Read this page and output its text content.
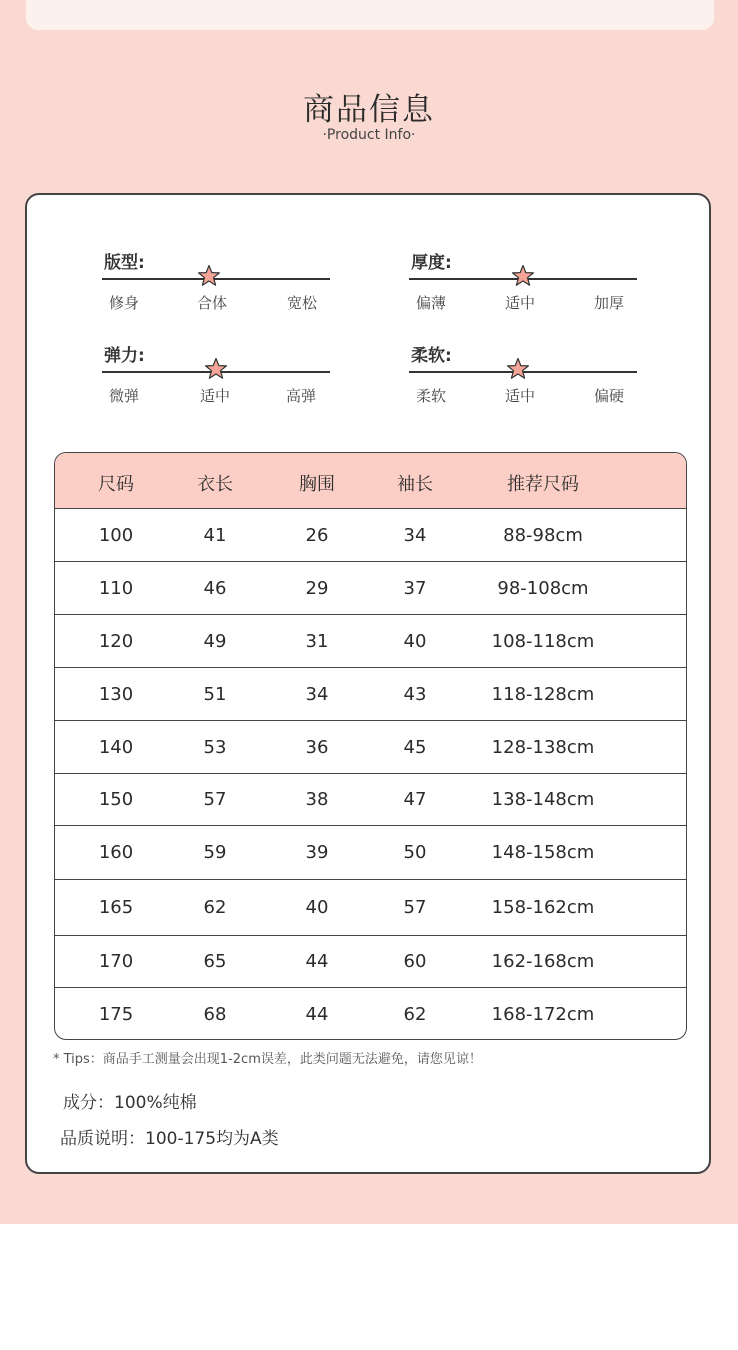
商品信息
·Product Info·
版型:
修身	合体	宽松
厚度:
偏薄	适中	加厚
弹力:
微弹	适中	高弹
柔软:
柔软	适中	偏硬
尺码	衣长	胸围	袖长	推荐尺码
100	41	26	34	88-98cm
110	46	29	37	98-108cm
120	49	31	40	108-118cm
130	51	34	43	118-128cm
140	53	36	45	128-138cm
150	57	38	47	138-148cm
160	59	39	50	148-158cm
165	62	40	57	158-162cm
170	65	44	60	162-168cm
175	68	44	62	168-172cm
* Tips：商品手工测量会出现1-2cm误差，此类问题无法避免，请您见谅！
成分：100%纯棉
品质说明：100-175均为A类
